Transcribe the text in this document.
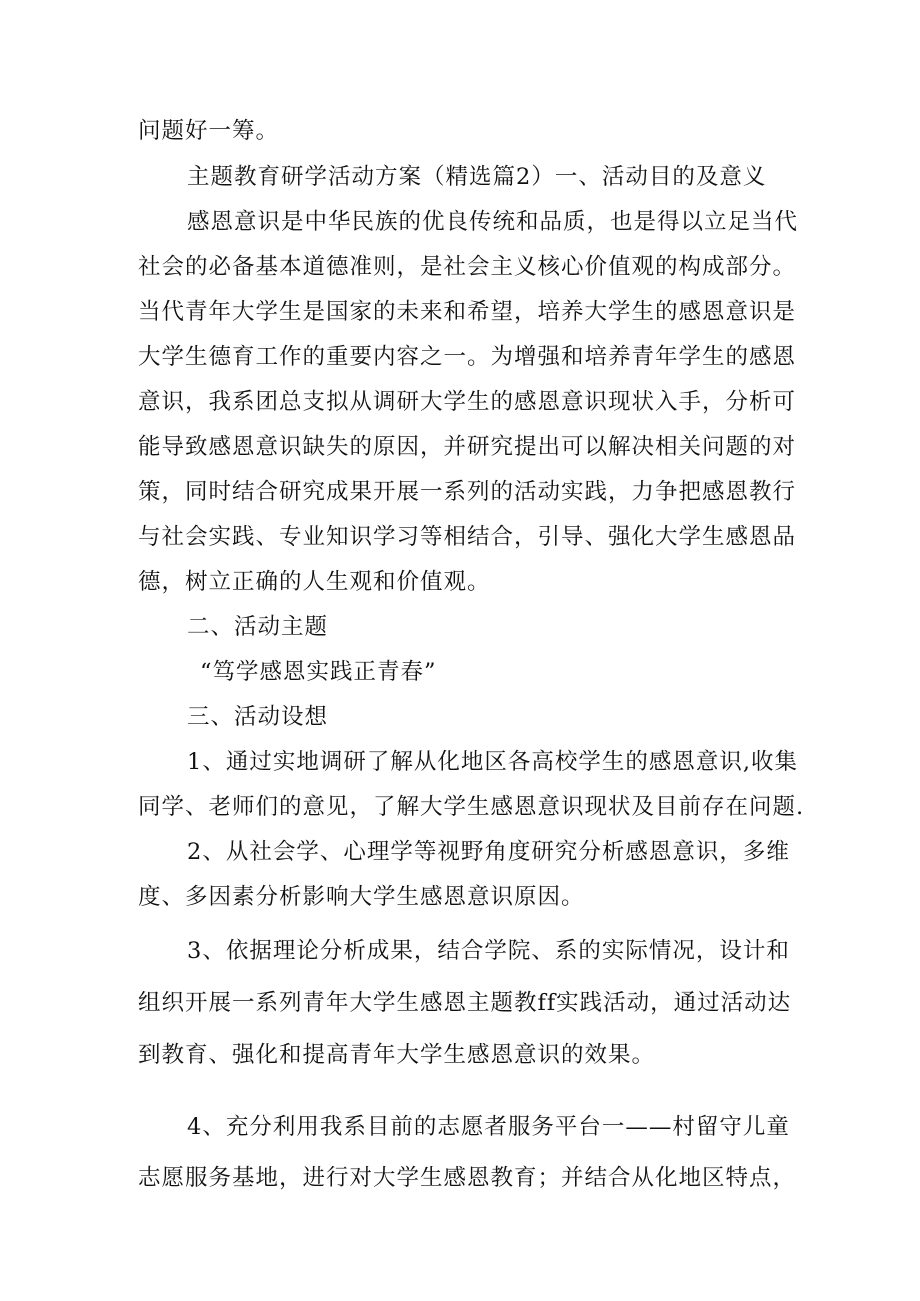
问题好一筹。
主题教育研学活动方案（精选篇2）一、活动目的及意义
感恩意识是中华民族的优良传统和品质，也是得以立足当代
社会的必备基本道德准则，是社会主义核心价值观的构成部分。
当代青年大学生是国家的未来和希望，培养大学生的感恩意识是
大学生德育工作的重要内容之一。为增强和培养青年学生的感恩
意识，我系团总支拟从调研大学生的感恩意识现状入手，分析可
能导致感恩意识缺失的原因，并研究提出可以解决相关问题的对
策，同时结合研究成果开展一系列的活动实践，力争把感恩教行
与社会实践、专业知识学习等相结合，引导、强化大学生感恩品
德，树立正确的人生观和价值观。
二、活动主题
“笃学感恩实践正青春”
三、活动设想
1、通过实地调研了解从化地区各高校学生的感恩意识,收集
同学、老师们的意见，了解大学生感恩意识现状及目前存在问题.
2、从社会学、心理学等视野角度研究分析感恩意识，多维
度、多因素分析影响大学生感恩意识原因。
3、依据理论分析成果，结合学院、系的实际情况，设计和
组织开展一系列青年大学生感恩主题教ff实践活动，通过活动达
到教育、强化和提高青年大学生感恩意识的效果。
4、充分利用我系目前的志愿者服务平台一——村留守儿童
志愿服务基地，进行对大学生感恩教育；并结合从化地区特点，
